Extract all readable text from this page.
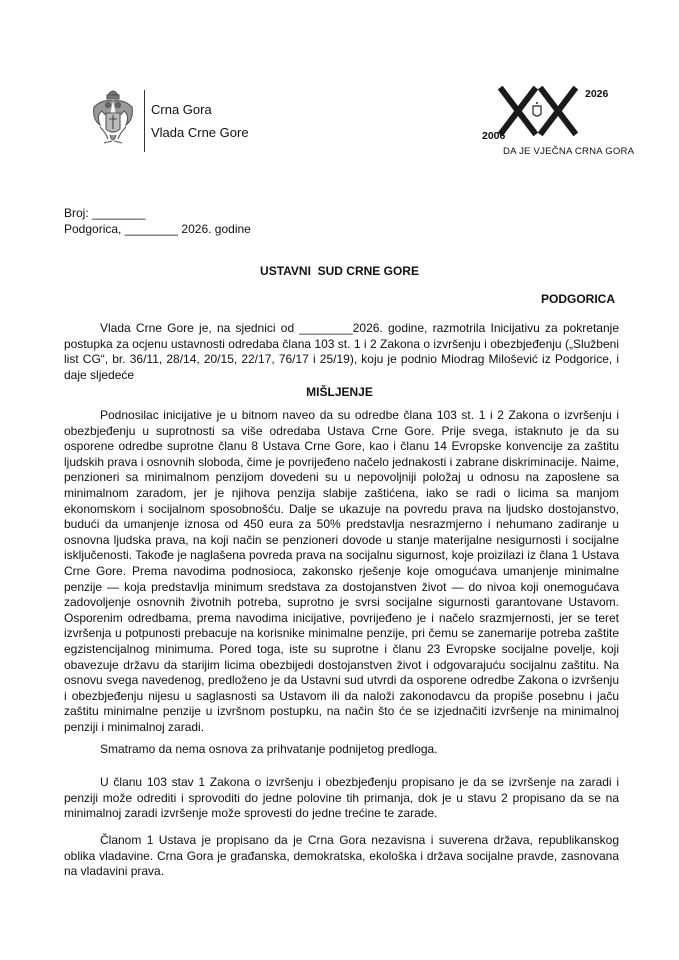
Crna Gora
Vlada Crne Gore
2026
2006
DA JE VJEČNA CRNA GORA
Broj: ________
Podgorica, ________ 2026. godine
USTAVNI  SUD CRNE GORE
PODGORICA

Vlada Crne Gore je, na sjednici od ________2026. godine, razmotrila Inicijativu za pokretanje postupka za ocjenu ustavnosti odredaba člana 103 st. 1 i 2 Zakona o izvršenju i obezbjeđenju („Službeni list CG“, br. 36/11, 28/14, 20/15, 22/17, 76/17 i 25/19), koju je podnio Miodrag Milošević iz Podgorice, i daje sljedeće

MIŠLJENJE

Podnosilac inicijative je u bitnom naveo da su odredbe člana 103 st. 1 i 2 Zakona o izvršenju i obezbjeđenju u suprotnosti sa više odredaba Ustava Crne Gore. Prije svega, istaknuto je da su osporene odredbe suprotne članu 8 Ustava Crne Gore, kao i članu 14 Evropske konvencije za zaštitu ljudskih prava i osnovnih sloboda, čime je povrijeđeno načelo jednakosti i zabrane diskriminacije. Naime, penzioneri sa minimalnom penzijom dovedeni su u nepovoljniji položaj u odnosu na zaposlene sa minimalnom zaradom, jer je njihova penzija slabije zaštićena, iako se radi o licima sa manjom ekonomskom i socijalnom sposobnošću. Dalje se ukazuje na povredu prava na ljudsko dostojanstvo, budući da umanjenje iznosa od 450 eura za 50% predstavlja nesrazmjerno i nehumano zadiranje u osnovna ljudska prava, na koji način se penzioneri dovode u stanje materijalne nesigurnosti i socijalne isključenosti. Takođe je naglašena povreda prava na socijalnu sigurnost, koje proizilazi iz člana 1 Ustava Crne Gore. Prema navodima podnosioca, zakonsko rješenje koje omogućava umanjenje minimalne penzije — koja predstavlja minimum sredstava za dostojanstven život — do nivoa koji onemogućava zadovoljenje osnovnih životnih potreba, suprotno je svrsi socijalne sigurnosti garantovane Ustavom. Osporenim odredbama, prema navodima inicijative, povrijeđeno je i načelo srazmjernosti, jer se teret izvršenja u potpunosti prebacuje na korisnike minimalne penzije, pri čemu se zanemarije potreba zaštite egzistencijalnog minimuma. Pored toga, iste su suprotne i članu 23 Evropske socijalne povelje, koji obavezuje državu da starijim licima obezbijedi dostojanstven život i odgovarajuću socijalnu zaštitu. Na osnovu svega navedenog, predloženo je da Ustavni sud utvrdi da osporene odredbe Zakona o izvršenju i obezbjeđenju nijesu u saglasnosti sa Ustavom ili da naloži zakonodavcu da propiše posebnu i jaču zaštitu minimalne penzije u izvršnom postupku, na način što će se izjednačiti izvršenje na minimalnoj penziji i minimalnoj zaradi.

Smatramo da nema osnova za prihvatanje podnijetog predloga.

U članu 103 stav 1 Zakona o izvršenju i obezbjeđenju propisano je da se izvršenje na zaradi i penziji može odrediti i sprovoditi do jedne polovine tih primanja, dok je u stavu 2 propisano da se na minimalnoj zaradi izvršenje može sprovesti do jedne trećine te zarade.

Članom 1 Ustava je propisano da je Crna Gora nezavisna i suverena država, republikanskog oblika vladavine. Crna Gora je građanska, demokratska, ekološka i država socijalne pravde, zasnovana na vladavini prava.
